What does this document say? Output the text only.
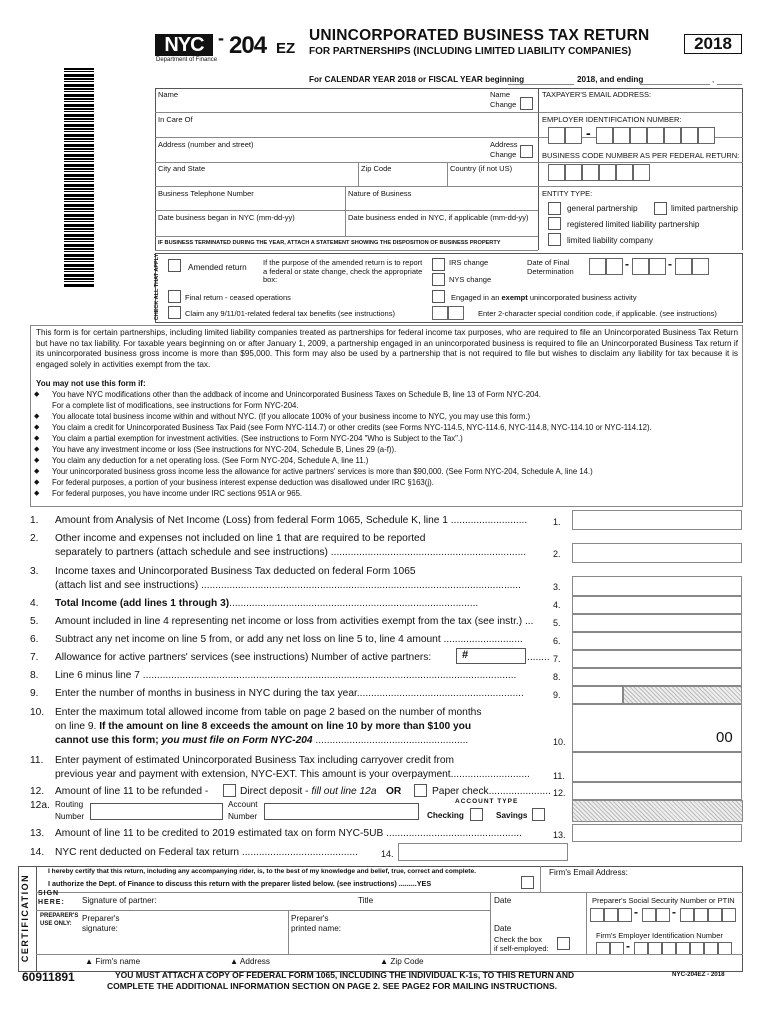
NYC
Department of Finance
- 204 EZ
UNINCORPORATED BUSINESS TAX RETURN
FOR PARTNERSHIPS (INCLUDING LIMITED LIABILITY COMPANIES)	2018
For CALENDAR YEAR 2018 or FISCAL YEAR beginning	2018, and ending	,
Name	Name
Change
TAXPAYER'S EMAIL ADDRESS:
In Care Of	EMPLOYER IDENTIFICATION NUMBER:
-
Address (number and street)	Address
Change	BUSINESS CODE NUMBER AS PER FEDERAL RETURN:
City and State	Zip Code	Country (if not US)
Business Telephone Number	Nature of Business	ENTITY TYPE:
Date business began in NYC (mm-dd-yy)	Date business ended in NYC, if applicable (mm-dd-yy)
IF BUSINESS TERMINATED DURING THE YEAR, ATTACH A STATEMENT SHOWING THE DISPOSITION OF BUSINESS PROPERTY
general partnership	limited partnership
registered limited liability partnership
limited liability company
CHECK ALL THAT APPLY	Amended return
If the purpose of the amended return is to report a federal or state change, check the appropriate box:
IRS change
NYS change
Date of Final Determination
-	-
Final return - ceased operations	Engaged in an exempt unincorporated business activity
Claim any 9/11/01-related federal tax benefits (see instructions)	Enter 2-character special condition code, if applicable. (see instructions)
This form is for certain partnerships, including limited liability companies treated as partnerships for federal income tax purposes, who are required to file an Unincorporated Business Tax Return but have no tax liability. For taxable years beginning on or after January 1, 2009, a partnership engaged in an unincorporated business is required to file an Unincorporated Business Tax return if its unincorporated business gross income is more than $95,000. This form may also be used by a partnership that is not required to file but wishes to disclaim any liability for tax because it is engaged solely in activities exempt from the tax.
You may not use this form if:
◆ You have NYC modifications other than the addback of income and Unincorporated Business Taxes on Schedule B, line 13 of Form NYC-204.
For a complete list of modifications, see instructions for Form NYC-204.
◆ You allocate total business income within and without NYC. (If you allocate 100% of your business income to NYC, you may use this form.)
◆ You claim a credit for Unincorporated Business Tax Paid (see Form NYC-114.7) or other credits (see Forms NYC-114.5, NYC-114.6, NYC-114.8, NYC-114.10 or NYC-114.12).
◆ You claim a partial exemption for investment activities. (See instructions to Form NYC-204 "Who is Subject to the Tax".)
◆ You have any investment income or loss (See instructions for NYC-204, Schedule B, Lines 29 (a-f)).
◆ You claim any deduction for a net operating loss. (See Form NYC-204, Schedule A, line 11.)
◆ Your unincorporated business gross income less the allowance for active partners' services is more than $90,000. (See Form NYC-204, Schedule A, line 14.)
◆ For federal purposes, a portion of your business interest expense deduction was disallowed under IRC §163(j).
◆ For federal purposes, you have income under IRC sections 951A or 965.
1. Amount from Analysis of Net Income (Loss) from federal Form 1065, Schedule K, line 1 ...........................	1.
2. Other income and expenses not included on line 1 that are required to be reported
separately to partners (attach schedule and see instructions) .....................................................................	2.
3. Income taxes and Unincorporated Business Tax deducted on federal Form 1065
(attach list and see instructions) .................................................................................................................	3.
4. Total Income (add lines 1 through 3)........................................................................................	4.
5. Amount included in line 4 representing net income or loss from activities exempt from the tax (see instr.) ... 5.
6. Subtract any net income on line 5 from, or add any net loss on line 5 to, line 4 amount ............................	6.
7. Allowance for active partners' services (see instructions) Number of active partners:	#	........ 7.
8. Line 6 minus line 7 ....................................................................................................................................	8.
9. Enter the number of months in business in NYC during the tax year...........................................................	9.
10. Enter the maximum total allowed income from table on page 2 based on the number of months
on line 9. If the amount on line 8 exceeds the amount on line 10 by more than $100 you
cannot use this form; you must file on Form NYC-204 ......................................................	10.	00
11. Enter payment of estimated Unincorporated Business Tax including carryover credit from
previous year and payment with extension, NYC-EXT. This amount is your overpayment............................	11.
12. Amount of line 11 to be refunded -	Direct deposit - fill out line 12a OR	Paper check...................... 12.
12a. Routing
Number
Account
Number
ACCOUNT TYPE
Checking	Savings
13. Amount of line 11 to be credited to 2019 estimated tax on form NYC-5UB ................................................	13.
14. NYC rent deducted on Federal tax return .........................................	14.
CERTIFICATION
I hereby certify that this return, including any accompanying rider, is, to the best of my knowledge and belief, true, correct and complete.
I authorize the Dept. of Finance to discuss this return with the preparer listed below. (see instructions) .........YES
Firm's Email Address:
SIGN
HERE: Signature of partner:	Title	Date	Preparer's Social Security Number or PTIN
-	-
PREPARER'S
USE ONLY:
Preparer's
signature:
Preparer's
printed name:	Date
Check the box
if self-employed:
Firm's Employer Identification Number
-
▲ Firm's name	▲ Address	▲ Zip Code
60911891	YOU MUST ATTACH A COPY OF FEDERAL FORM 1065, INCLUDING THE INDIVIDUAL K-1s, TO THIS RETURN AND
COMPLETE THE ADDITIONAL INFORMATION SECTION ON PAGE 2. SEE PAGE2 FOR MAILING INSTRUCTIONS.
NYC-204EZ - 2018
